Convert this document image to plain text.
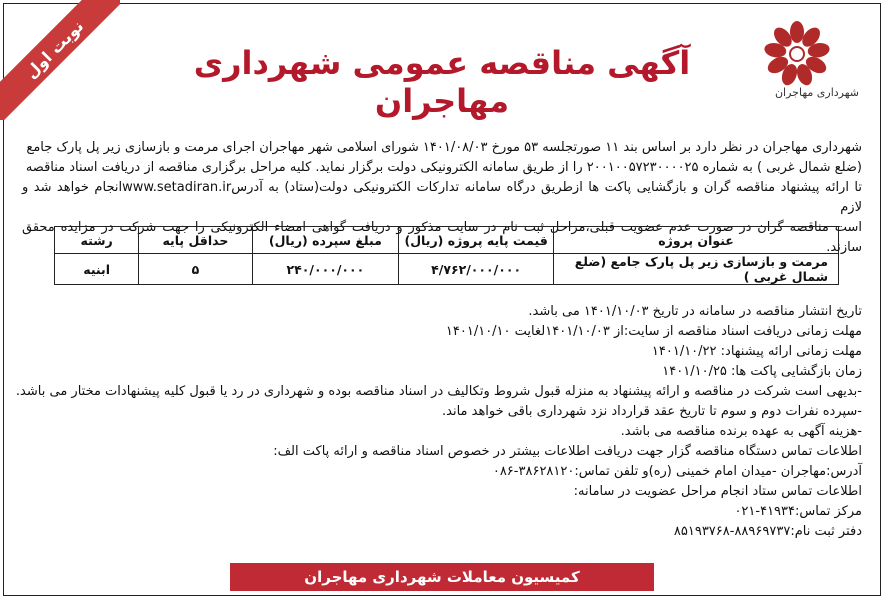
نوبت اول
شهرداری مهاجران
آگهی مناقصه عمومی شهرداری مهاجران

شهرداری مهاجران در نظر دارد بر اساس بند ۱۱ صورتجلسه ۵۳ مورخ ۱۴۰۱/۰۸/۰۳ شورای اسلامی شهر مهاجران اجرای مرمت و بازسازی زیر پل پارک جامع

(ضلع شمال غربی ) به شماره ۲۰۰۱۰۰۵۷۲۳۰۰۰۰۲۵ را از طریق سامانه الکترونیکی دولت برگزار نماید. کلیه مراحل برگزاری مناقصه از دریافت اسناد مناقصه

تا ارائه پیشنهاد مناقصه گران و بازگشایی پاکت ها ازطریق درگاه سامانه تدارکات الکترونیکی دولت(ستاد) به آدرسwww.setadiran.irانجام خواهد شد و لازم

است مناقصه گران در صورت عدم عضویت قبلی،مراحل ثبت نام در سایت مذکور و دریافت گواهی امضاء الکترونیکی را جهت شرکت در مزایده محقق سازند.

عنوان پروژه	قیمت پایه پروژه (ریال)	مبلغ سپرده (ریال)	حداقل پایه	رشته
مرمت و بازسازی زیر پل پارک جامع (ضلع شمال غربی )	۴/۷۶۲/۰۰۰/۰۰۰	۲۴۰/۰۰۰/۰۰۰	۵	ابنیه
تاریخ انتشار مناقصه در سامانه در تاریخ ۱۴۰۱/۱۰/۰۳ می باشد.
مهلت زمانی دریافت اسناد مناقصه از سایت:از ۱۴۰۱/۱۰/۰۳لغایت ۱۴۰۱/۱۰/۱۰
مهلت زمانی ارائه پیشنهاد: ۱۴۰۱/۱۰/۲۲
زمان بازگشایی پاکت ها: ۱۴۰۱/۱۰/۲۵
-بدیهی است شرکت در مناقصه و ارائه پیشنهاد به منزله قبول شروط وتکالیف در اسناد مناقصه بوده و شهرداری در رد یا قبول کلیه پیشنهادات مختار می باشد.
-سپرده نفرات دوم و سوم تا تاریخ عقد قرارداد نزد شهرداری باقی خواهد ماند.
-هزینه آگهی به عهده برنده مناقصه می باشد.
اطلاعات تماس دستگاه مناقصه گزار جهت دریافت اطلاعات بیشتر در خصوص اسناد مناقصه و ارائه پاکت الف:
آدرس:مهاجران -میدان امام خمینی (ره)و تلفن تماس:۳۸۶۲۸۱۲۰-۰۸۶
اطلاعات تماس ستاد انجام مراحل عضویت در سامانه:
مرکز تماس:۴۱۹۳۴-۰۲۱
دفتر ثبت نام:۸۸۹۶۹۷۳۷-۸۵۱۹۳۷۶۸
کمیسیون معاملات شهرداری مهاجران
